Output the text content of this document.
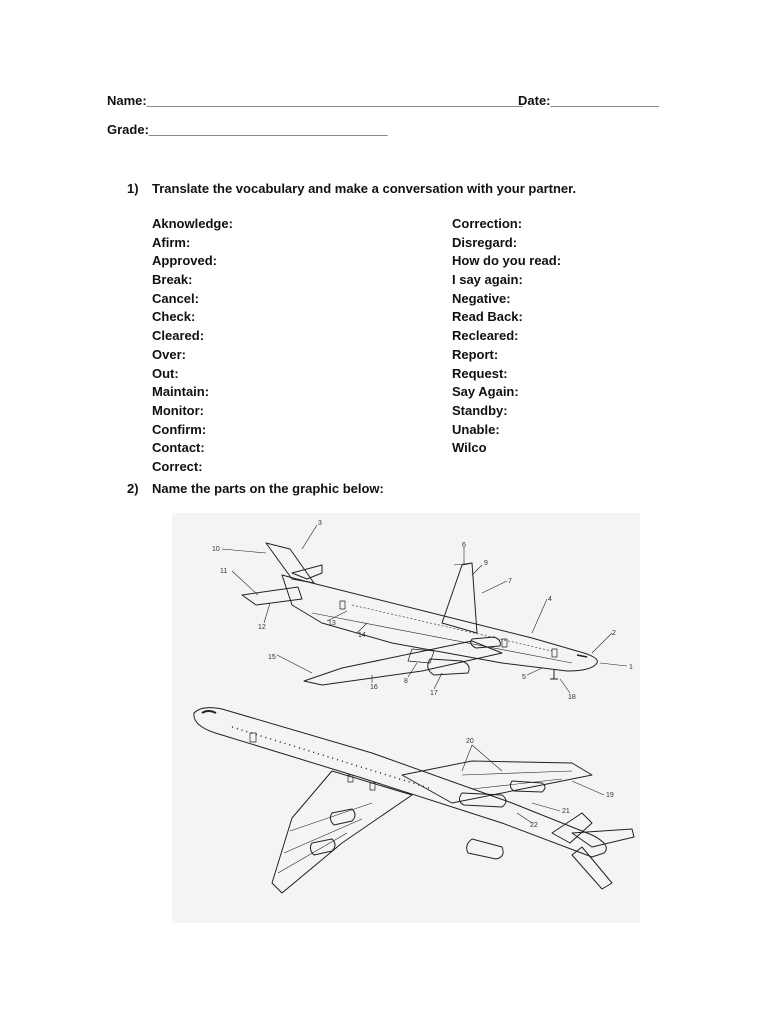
Name:____________________________________________________
Date:_______________
Grade:_________________________________
1) Translate the vocabulary and make a conversation with your partner.
Aknowledge:
Afirm:
Approved:
Break:
Cancel:
Check:
Cleared:
Over:
Out:
Maintain:
Monitor:
Confirm:
Contact:
Correct:
Correction:
Disregard:
How do you read:
I say again:
Negative:
Read Back:
Recleared:
Report:
Request:
Say Again:
Standby:
Unable:
Wilco
2) Name the parts on the graphic below:
3
10
11
12
13
14
15
16
8
17
6
9
7
4
2
1
5
18
20
19
21
22
